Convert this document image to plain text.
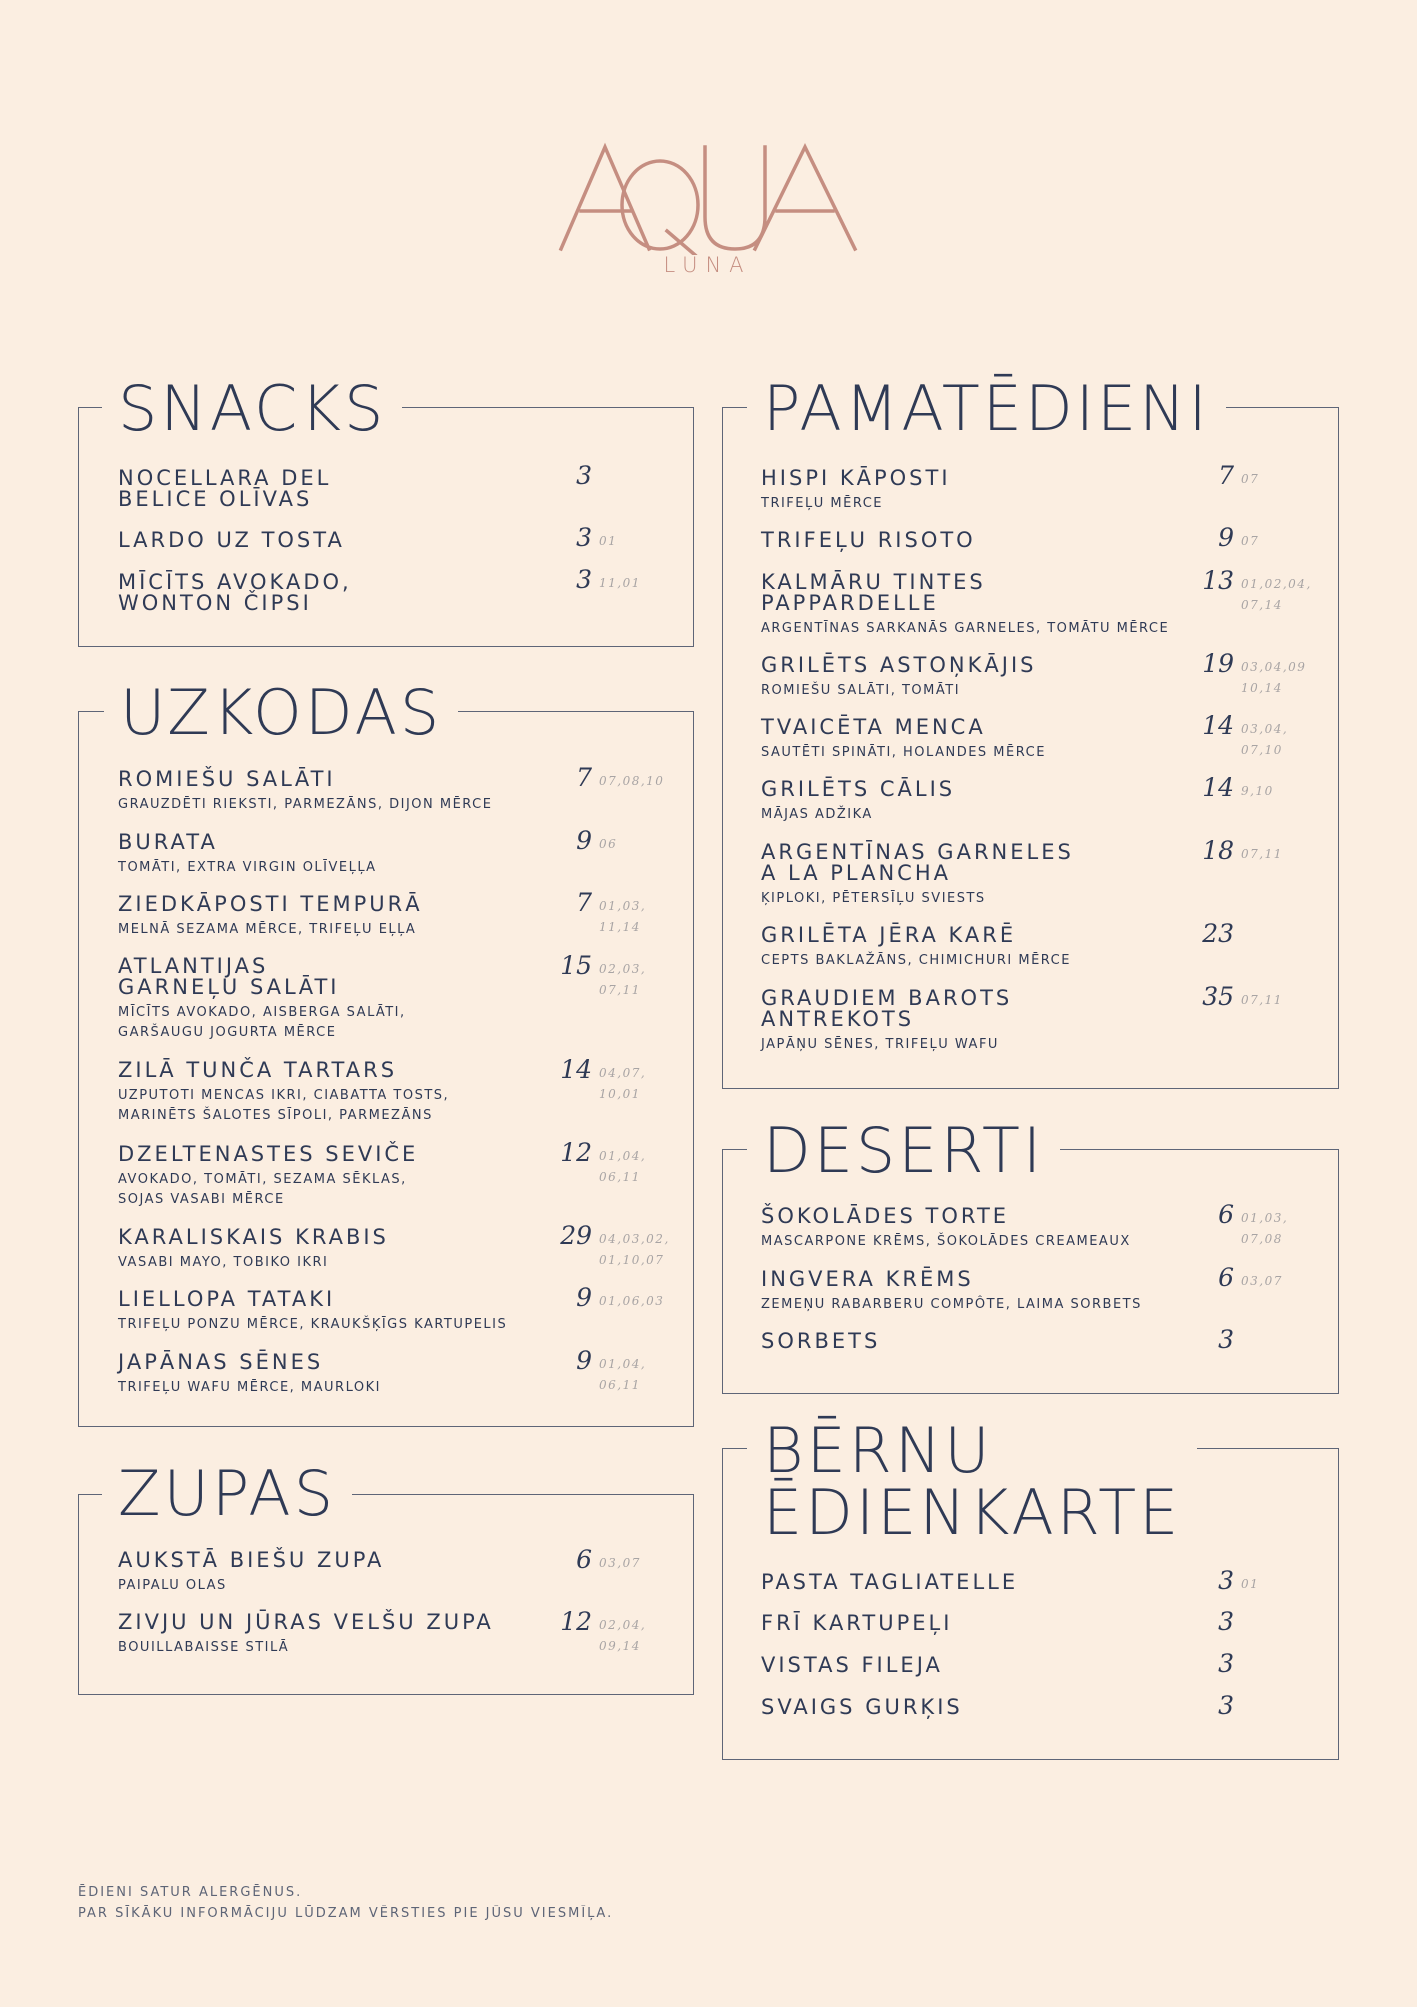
LUNA
SNACKS
NOCELLARA DEL
BELICE OLĪVAS
3
LARDO UZ TOSTA	3 01
MĪCĪTS AVOKADO,
WONTON ČIPSI
3 11,01
UZKODAS
ROMIEŠU SALĀTI
GRAUZDĒTI RIEKSTI, PARMEZĀNS, DIJON MĒRCE
7 07,08,10
BURATA
TOMĀTI, EXTRA VIRGIN OLĪVEĻĻA
9 06
ZIEDKĀPOSTI TEMPURĀ
MELNĀ SEZAMA MĒRCE, TRIFEĻU EĻĻA
7 01,03,
11,14
ATLANTIJAS
GARNEĻU SALĀTI
MĪCĪTS AVOKADO, AISBERGA SALĀTI,
GARŠAUGU JOGURTA MĒRCE
15 02,03,
07,11
ZILĀ TUNČA TARTARS
UZPUTOTI MENCAS IKRI, CIABATTA TOSTS,
MARINĒTS ŠALOTES SĪPOLI, PARMEZĀNS
14 04,07,
10,01
DZELTENASTES SEVIČE
AVOKADO, TOMĀTI, SEZAMA SĒKLAS,
SOJAS VASABI MĒRCE
12 01,04,
06,11
KARALISKAIS KRABIS
VASABI MAYO, TOBIKO IKRI
29 04,03,02,
01,10,07
LIELLOPA TATAKI
TRIFEĻU PONZU MĒRCE, KRAUKŠĶĪGS KARTUPELIS
9 01,06,03
JAPĀNAS SĒNES
TRIFEĻU WAFU MĒRCE, MAURLOKI
9 01,04,
06,11
ZUPAS
AUKSTĀ BIEŠU ZUPA
PAIPALU OLAS
6 03,07
ZIVJU UN JŪRAS VELŠU ZUPA
BOUILLABAISSE STILĀ
12 02,04,
09,14
PAMATĒDIENI
HISPI KĀPOSTI
TRIFEĻU MĒRCE
7 07
TRIFEĻU RISOTO	9 07
KALMĀRU TINTES
PAPPARDELLE
ARGENTĪNAS SARKANĀS GARNELES, TOMĀTU MĒRCE
13 01,02,04,
07,14
GRILĒTS ASTOŅKĀJIS
ROMIEŠU SALĀTI, TOMĀTI
19 03,04,09
10,14
TVAICĒTA MENCA
SAUTĒTI SPINĀTI, HOLANDES MĒRCE
14 03,04,
07,10
GRILĒTS CĀLIS
MĀJAS ADŽIKA
14 9,10
ARGENTĪNAS GARNELES
A LA PLANCHA
ĶIPLOKI, PĒTERSĪĻU SVIESTS
18 07,11
GRILĒTA JĒRA KARĒ
CEPTS BAKLAŽĀNS, CHIMICHURI MĒRCE
23
GRAUDIEM BAROTS
ANTREKOTS
JAPĀŅU SĒNES, TRIFEĻU WAFU
35 07,11
DESERTI
ŠOKOLĀDES TORTE
MASCARPONE KRĒMS, ŠOKOLĀDES CREAMEAUX
6 01,03,
07,08
INGVERA KRĒMS
ZEMEŅU RABARBERU COMPÔTE, LAIMA SORBETS
6 03,07
SORBETS	3
BĒRNU
ĒDIENKARTE
PASTA TAGLIATELLE	3 01
FRĪ KARTUPEĻI	3
VISTAS FILEJA	3
SVAIGS GURĶIS	3
ĒDIENI SATUR ALERGĒNUS.
PAR SĪKĀKU INFORMĀCIJU LŪDZAM VĒRSTIES PIE JŪSU VIESMĪĻA.
